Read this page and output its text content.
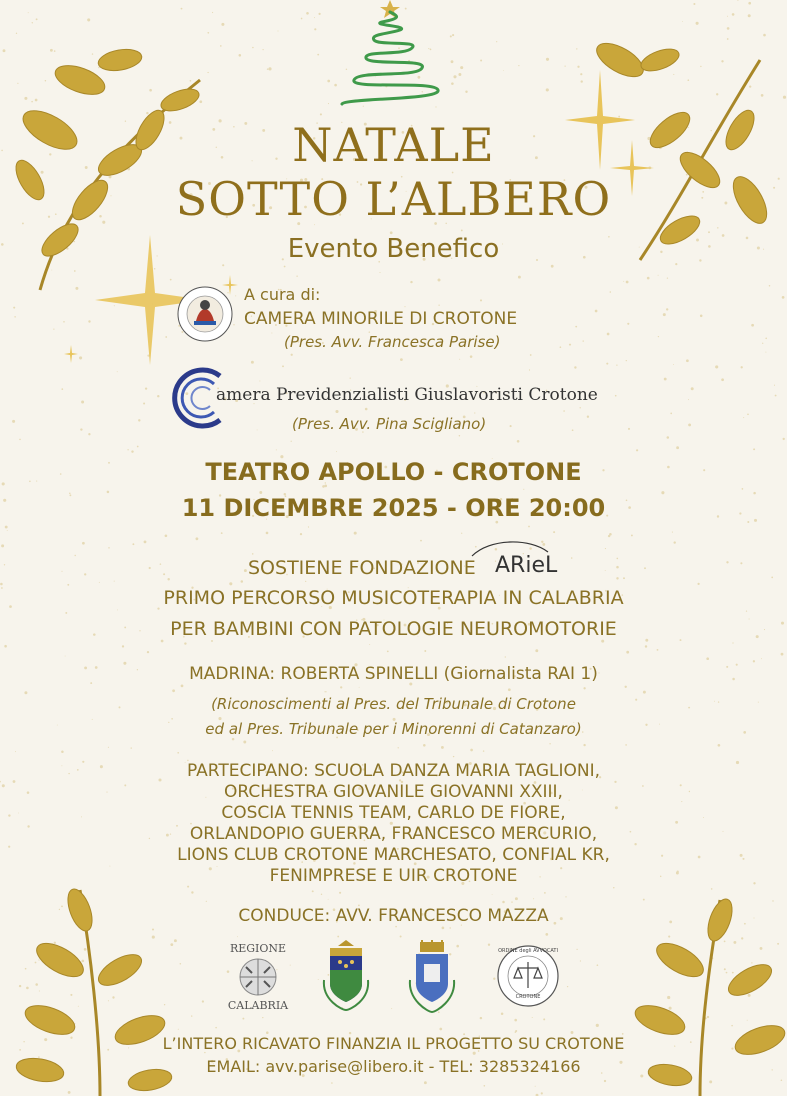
NATALE
SOTTO L’ALBERO
Evento Benefico
A cura di:
CAMERA MINORILE DI CROTONE
(Pres. Avv. Francesca Parise)
amera Previdenzialisti Giuslavoristi Crotone
(Pres. Avv. Pina Scigliano)
TEATRO APOLLO - CROTONE
11 DICEMBRE 2025 - ORE 20:00
SOSTIENE FONDAZIONE ARieL
PRIMO PERCORSO MUSICOTERAPIA IN CALABRIA
PER BAMBINI CON PATOLOGIE NEUROMOTORIE
MADRINA: ROBERTA SPINELLI (Giornalista RAI 1)
(Riconoscimenti al Pres. del Tribunale di Crotone
ed al Pres. Tribunale per i Minorenni di Catanzaro)
PARTECIPANO: SCUOLA DANZA MARIA TAGLIONI,
ORCHESTRA GIOVANILE GIOVANNI XXIII,
COSCIA TENNIS TEAM, CARLO DE FIORE,
ORLANDOPIO GUERRA, FRANCESCO MERCURIO,
LIONS CLUB CROTONE MARCHESATO, CONFIAL KR,
FENIMPRESE E UIR CROTONE
CONDUCE: AVV. FRANCESCO MAZZA
REGIONE
CALABRIA
ORDINE degli AVVOCATI
CROTONE
L’INTERO RICAVATO FINANZIA IL PROGETTO SU CROTONE
EMAIL: avv.parise@libero.it - TEL: 3285324166
